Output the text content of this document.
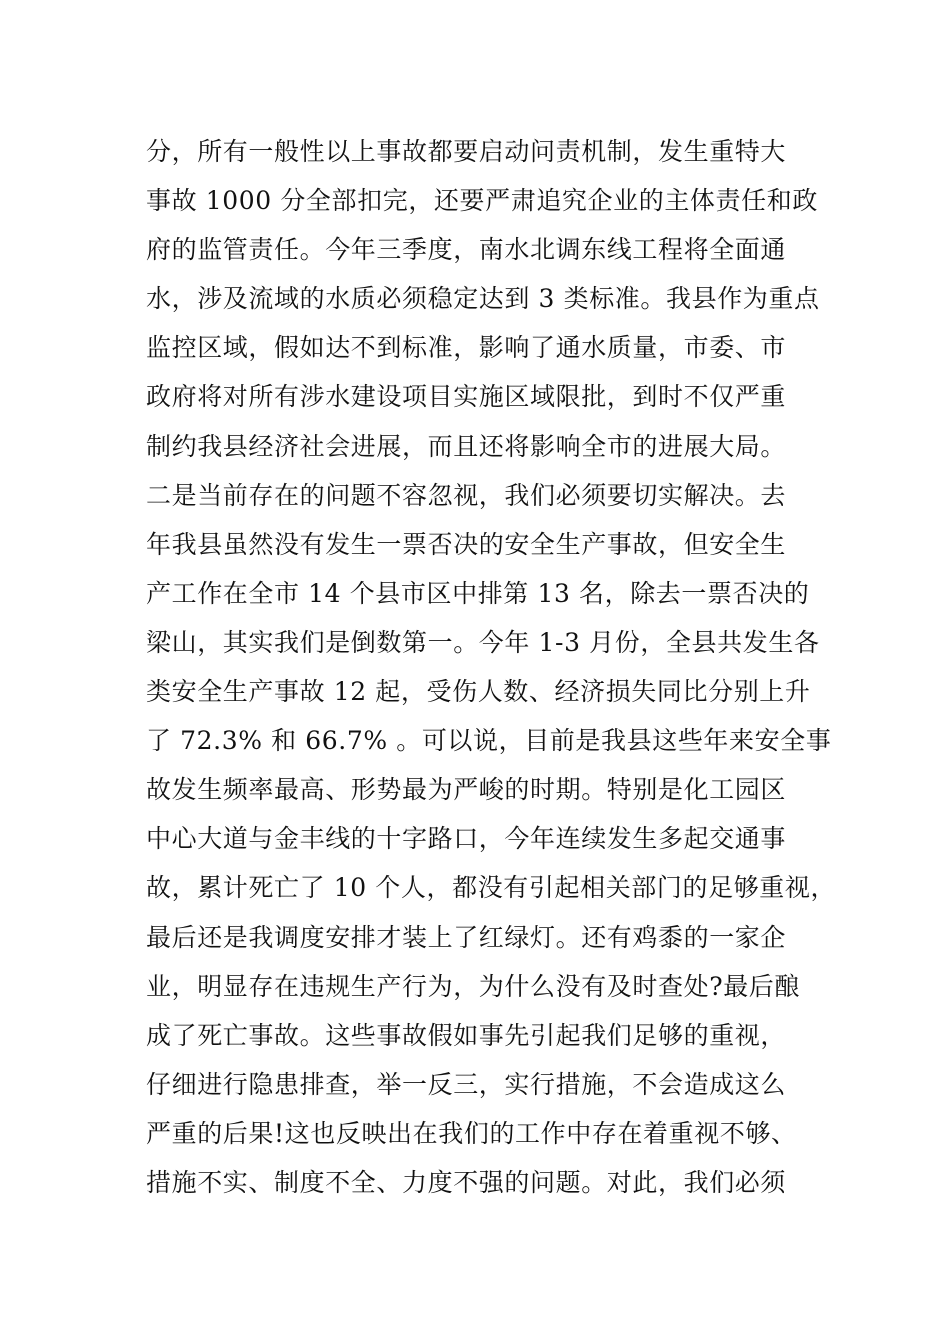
分，所有一般性以上事故都要启动问责机制，发生重特大
事故 1000 分全部扣完，还要严肃追究企业的主体责任和政
府的监管责任。今年三季度，南水北调东线工程将全面通
水，涉及流域的水质必须稳定达到 3 类标准。我县作为重点
监控区域，假如达不到标准，影响了通水质量，市委、市
政府将对所有涉水建设项目实施区域限批，到时不仅严重
制约我县经济社会进展，而且还将影响全市的进展大局。
二是当前存在的问题不容忽视，我们必须要切实解决。去
年我县虽然没有发生一票否决的安全生产事故，但安全生
产工作在全市 14 个县市区中排第 13 名，除去一票否决的
梁山，其实我们是倒数第一。今年 1-3 月份，全县共发生各
类安全生产事故 12 起，受伤人数、经济损失同比分别上升
了 72.3% 和 66.7% 。可以说，目前是我县这些年来安全事
故发生频率最高、形势最为严峻的时期。特别是化工园区
中心大道与金丰线的十字路口，今年连续发生多起交通事
故，累计死亡了 10 个人，都没有引起相关部门的足够重视，
最后还是我调度安排才装上了红绿灯。还有鸡黍的一家企
业，明显存在违规生产行为，为什么没有及时查处?最后酿
成了死亡事故。这些事故假如事先引起我们足够的重视，
仔细进行隐患排查，举一反三，实行措施，不会造成这么
严重的后果!这也反映出在我们的工作中存在着重视不够、
措施不实、制度不全、力度不强的问题。对此，我们必须
